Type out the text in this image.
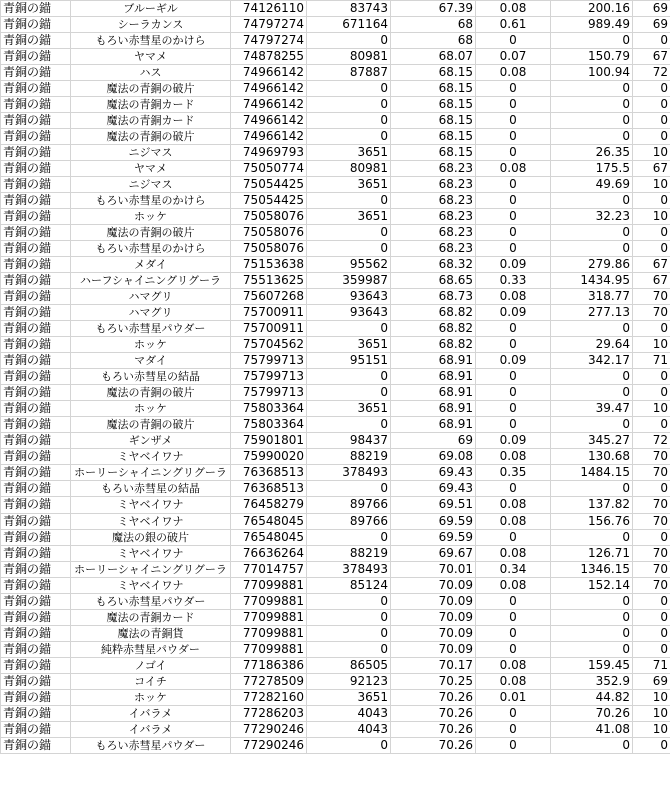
青銅の錨	ブルーギル	74126110	83743	67.39	0.08	200.16	69
青銅の錨	シーラカンス	74797274	671164	68	0.61	989.49	69
青銅の錨	もろい赤彗星のかけら	74797274	0	68	0	0	0
青銅の錨	ヤマメ	74878255	80981	68.07	0.07	150.79	67
青銅の錨	ハス	74966142	87887	68.15	0.08	100.94	72
青銅の錨	魔法の青銅の破片	74966142	0	68.15	0	0	0
青銅の錨	魔法の青銅カード	74966142	0	68.15	0	0	0
青銅の錨	魔法の青銅カード	74966142	0	68.15	0	0	0
青銅の錨	魔法の青銅の破片	74966142	0	68.15	0	0	0
青銅の錨	ニジマス	74969793	3651	68.15	0	26.35	10
青銅の錨	ヤマメ	75050774	80981	68.23	0.08	175.5	67
青銅の錨	ニジマス	75054425	3651	68.23	0	49.69	10
青銅の錨	もろい赤彗星のかけら	75054425	0	68.23	0	0	0
青銅の錨	ホッケ	75058076	3651	68.23	0	32.23	10
青銅の錨	魔法の青銅の破片	75058076	0	68.23	0	0	0
青銅の錨	もろい赤彗星のかけら	75058076	0	68.23	0	0	0
青銅の錨	メダイ	75153638	95562	68.32	0.09	279.86	67
青銅の錨	ハーフシャイニングリグーラ	75513625	359987	68.65	0.33	1434.95	67
青銅の錨	ハマグリ	75607268	93643	68.73	0.08	318.77	70
青銅の錨	ハマグリ	75700911	93643	68.82	0.09	277.13	70
青銅の錨	もろい赤彗星パウダー	75700911	0	68.82	0	0	0
青銅の錨	ホッケ	75704562	3651	68.82	0	29.64	10
青銅の錨	マダイ	75799713	95151	68.91	0.09	342.17	71
青銅の錨	もろい赤彗星の結晶	75799713	0	68.91	0	0	0
青銅の錨	魔法の青銅の破片	75799713	0	68.91	0	0	0
青銅の錨	ホッケ	75803364	3651	68.91	0	39.47	10
青銅の錨	魔法の青銅の破片	75803364	0	68.91	0	0	0
青銅の錨	ギンザメ	75901801	98437	69	0.09	345.27	72
青銅の錨	ミヤベイワナ	75990020	88219	69.08	0.08	130.68	70
青銅の錨	ホーリーシャイニングリグーラ	76368513	378493	69.43	0.35	1484.15	70
青銅の錨	もろい赤彗星の結晶	76368513	0	69.43	0	0	0
青銅の錨	ミヤベイワナ	76458279	89766	69.51	0.08	137.82	70
青銅の錨	ミヤベイワナ	76548045	89766	69.59	0.08	156.76	70
青銅の錨	魔法の銀の破片	76548045	0	69.59	0	0	0
青銅の錨	ミヤベイワナ	76636264	88219	69.67	0.08	126.71	70
青銅の錨	ホーリーシャイニングリグーラ	77014757	378493	70.01	0.34	1346.15	70
青銅の錨	ミヤベイワナ	77099881	85124	70.09	0.08	152.14	70
青銅の錨	もろい赤彗星パウダー	77099881	0	70.09	0	0	0
青銅の錨	魔法の青銅カード	77099881	0	70.09	0	0	0
青銅の錨	魔法の青銅貨	77099881	0	70.09	0	0	0
青銅の錨	純粋赤彗星パウダー	77099881	0	70.09	0	0	0
青銅の錨	ノゴイ	77186386	86505	70.17	0.08	159.45	71
青銅の錨	コイチ	77278509	92123	70.25	0.08	352.9	69
青銅の錨	ホッケ	77282160	3651	70.26	0.01	44.82	10
青銅の錨	イバラメ	77286203	4043	70.26	0	70.26	10
青銅の錨	イバラメ	77290246	4043	70.26	0	41.08	10
青銅の錨	もろい赤彗星パウダー	77290246	0	70.26	0	0	0
